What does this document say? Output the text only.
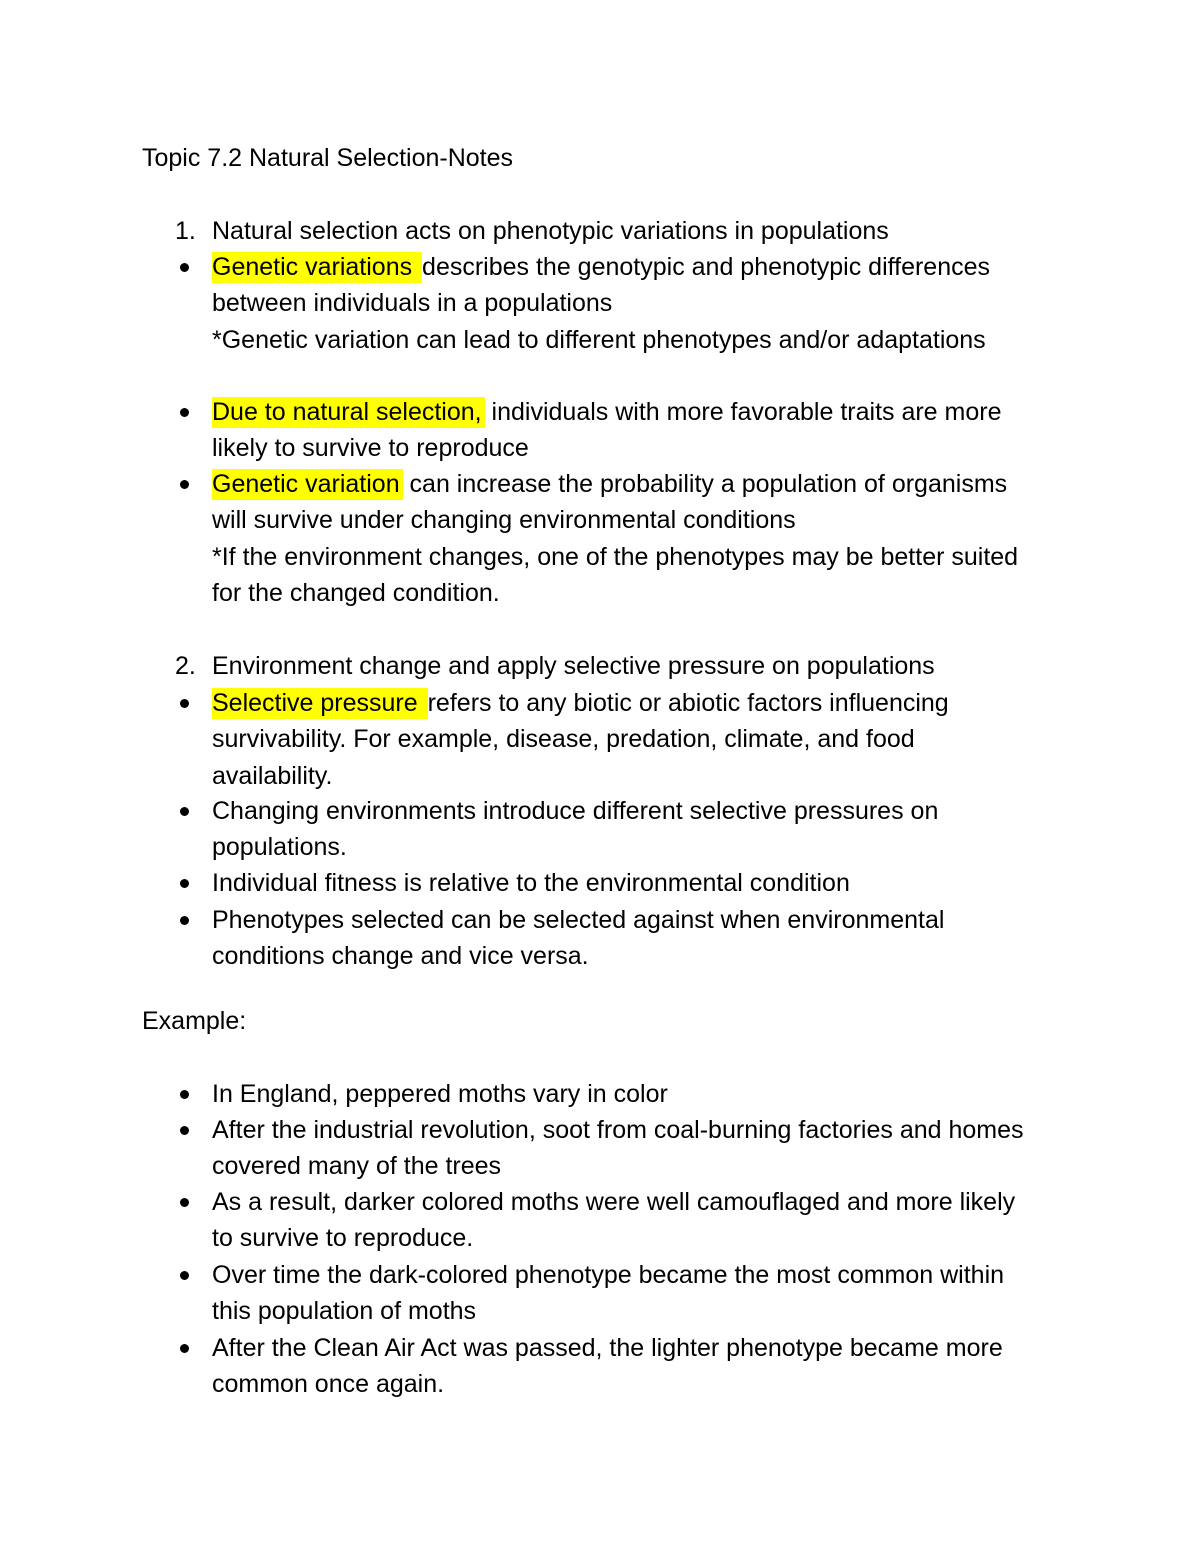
Topic 7.2 Natural Selection-Notes
1. Natural selection acts on phenotypic variations in populations
Genetic variations describes the genotypic and phenotypic differences between individuals in a populations
*Genetic variation can lead to different phenotypes and/or adaptations
Due to natural selection, individuals with more favorable traits are more likely to survive to reproduce
Genetic variation can increase the probability a population of organisms will survive under changing environmental conditions
*If the environment changes, one of the phenotypes may be better suited for the changed condition.
2. Environment change and apply selective pressure on populations
Selective pressure refers to any biotic or abiotic factors influencing survivability. For example, disease, predation, climate, and food availability.
Changing environments introduce different selective pressures on populations.
Individual fitness is relative to the environmental condition
Phenotypes selected can be selected against when environmental conditions change and vice versa.
Example:
In England, peppered moths vary in color
After the industrial revolution, soot from coal-burning factories and homes covered many of the trees
As a result, darker colored moths were well camouflaged and more likely to survive to reproduce.
Over time the dark-colored phenotype became the most common within this population of moths
After the Clean Air Act was passed, the lighter phenotype became more common once again.
